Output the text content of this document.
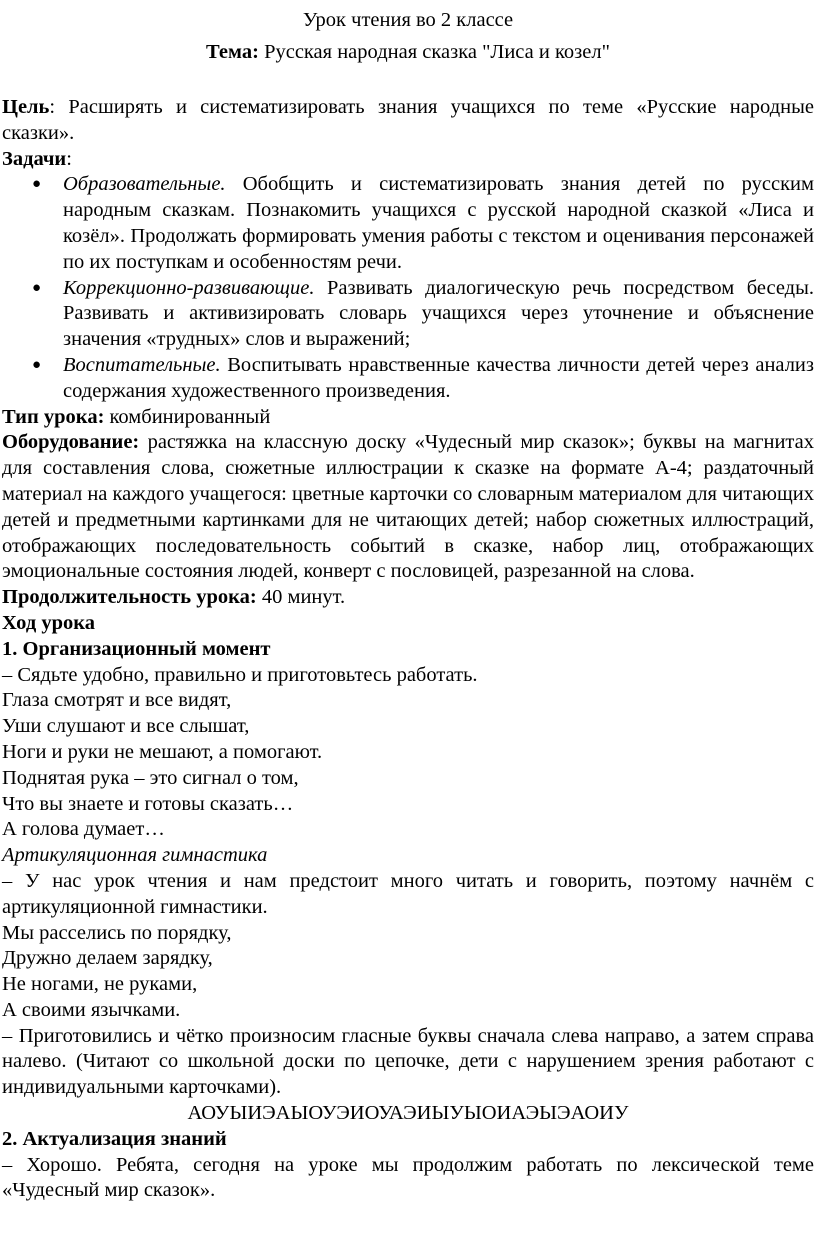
Урок чтения во 2 классе

Тема: Русская народная сказка "Лиса и козел"

Цель: Расширять и систематизировать знания учащихся по теме «Русские народные сказки».

Задачи:

● Образовательные. Обобщить и систематизировать знания детей по русским народным сказкам. Познакомить учащихся с русской народной сказкой «Лиса и козёл». Продолжать формировать умения работы с текстом и оценивания персонажей по их поступкам и особенностям речи.
● Коррекционно-развивающие. Развивать диалогическую речь посредством беседы. Развивать и активизировать словарь учащихся через уточнение и объяснение значения «трудных» слов и выражений;
● Воспитательные. Воспитывать нравственные качества личности детей через анализ содержания художественного произведения.

Тип урока: комбинированный

Оборудование: растяжка на классную доску «Чудесный мир сказок»; буквы на магнитах для составления слова, сюжетные иллюстрации к сказке на формате А-4; раздаточный материал на каждого учащегося: цветные карточки со словарным материалом для читающих детей и предметными картинками для не читающих детей; набор сюжетных иллюстраций, отображающих последовательность событий в сказке, набор лиц, отображающих эмоциональные состояния людей, конверт с пословицей, разрезанной на слова.

Продолжительность урока: 40 минут.

Ход урока

1. Организационный момент

– Сядьте удобно, правильно и приготовьтесь работать.

Глаза смотрят и все видят,

Уши слушают и все слышат,

Ноги и руки не мешают, а помогают.

Поднятая рука – это сигнал о том,

Что вы знаете и готовы сказать…

А голова думает…

Артикуляционная гимнастика

– У нас урок чтения и нам предстоит много читать и говорить, поэтому начнём с артикуляционной гимнастики.

Мы расселись по порядку,

Дружно делаем зарядку,

Не ногами, не руками,

А своими язычками.

– Приготовились и чётко произносим гласные буквы сначала слева направо, а затем справа налево. (Читают со школьной доски по цепочке, дети с нарушением зрения работают с индивидуальными карточками).

АОУЫИЭАЫОУЭИОУАЭИЫУЫОИАЭЫЭАОИУ

2. Актуализация знаний

– Хорошо. Ребята, сегодня на уроке мы продолжим работать по лексической теме «Чудесный мир сказок».
